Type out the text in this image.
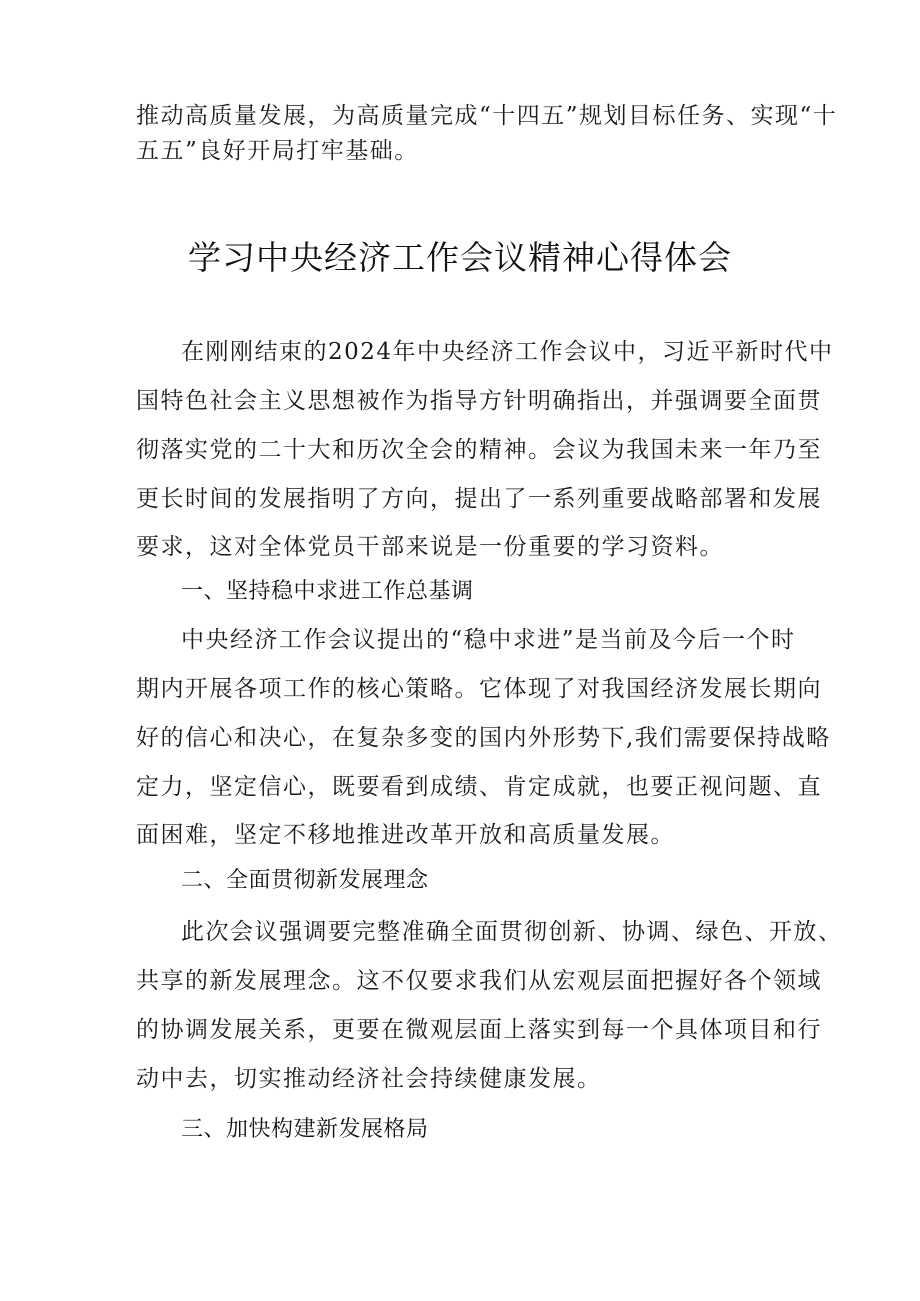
推动高质量发展，为高质量完成“十四五”规划目标任务、实现“十
五五”良好开局打牢基础。
学习中央经济工作会议精神心得体会
在刚刚结束的2024年中央经济工作会议中，习近平新时代中
国特色社会主义思想被作为指导方针明确指出，并强调要全面贯
彻落实党的二十大和历次全会的精神。会议为我国未来一年乃至
更长时间的发展指明了方向，提出了一系列重要战略部署和发展
要求，这对全体党员干部来说是一份重要的学习资料。
一、坚持稳中求进工作总基调
中央经济工作会议提出的“稳中求进”是当前及今后一个时
期内开展各项工作的核心策略。它体现了对我国经济发展长期向
好的信心和决心，在复杂多变的国内外形势下,我们需要保持战略
定力，坚定信心，既要看到成绩、肯定成就，也要正视问题、直
面困难，坚定不移地推进改革开放和高质量发展。
二、全面贯彻新发展理念
此次会议强调要完整准确全面贯彻创新、协调、绿色、开放、
共享的新发展理念。这不仅要求我们从宏观层面把握好各个领域
的协调发展关系，更要在微观层面上落实到每一个具体项目和行
动中去，切实推动经济社会持续健康发展。
三、加快构建新发展格局
